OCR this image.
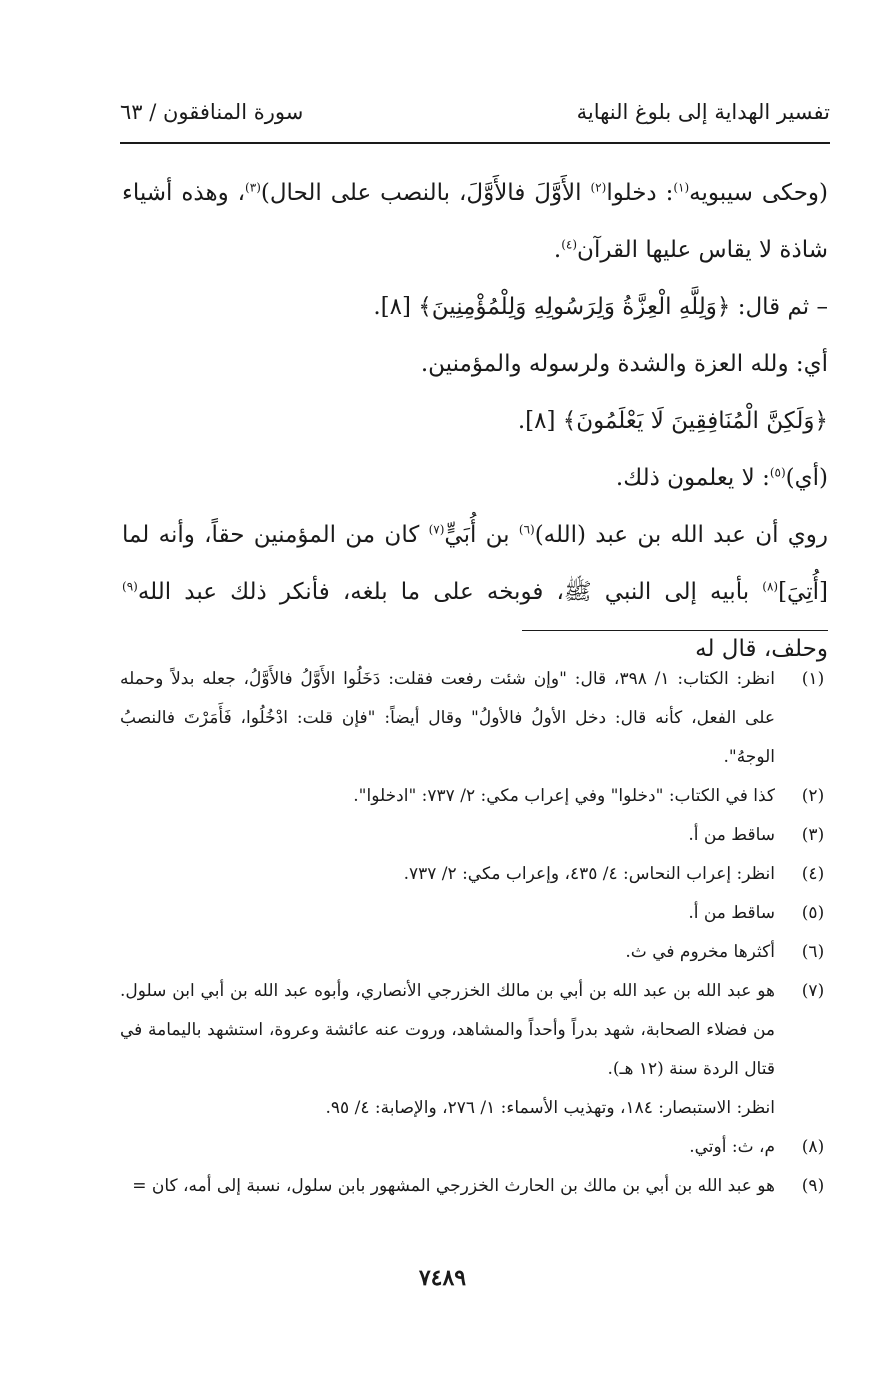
تفسير الهداية إلى بلوغ النهاية
سورة المنافقون / ٦٣

(وحكى سيبويه$^{(١)}$: دخلوا$^{(٢)}$ الأَوَّلَ فالأَوَّلَ، بالنصب على الحال)$^{(٣)}$، وهذه أشياء شاذة لا يقاس عليها القرآن$^{(٤)}$.

– ثم قال: ﴿وَلِلَّهِ الْعِزَّةُ وَلِرَسُولِهِ وَلِلْمُؤْمِنِينَ﴾ [٨].

أي: ولله العزة والشدة ولرسوله والمؤمنين.

﴿وَلَكِنَّ الْمُنَافِقِينَ لَا يَعْلَمُونَ﴾ [٨].

(أي)$^{(٥)}$: لا يعلمون ذلك.

روي أن عبد الله بن عبد (الله)$^{(٦)}$ بن أُبَيٍّ$^{(٧)}$ كان من المؤمنين حقاً، وأنه لما [أُتِيَ]$^{(٨)}$ بأبيه إلى النبي ﷺ، فوبخه على ما بلغه، فأنكر ذلك عبد الله$^{(٩)}$ وحلف، قال له

(١)
انظر: الكتاب: ١/ ٣٩٨، قال: "وإن شئت رفعت فقلت: دَخَلُوا الأَوَّلُ فالأَوَّلُ، جعله بدلاً وحمله على الفعل، كأنه قال: دخل الأولُ فالأولُ" وقال أيضاً: "فإن قلت: ادْخُلُوا، فَأَمَرْتَ فالنصبُ الوجهُ".
(٢)
كذا في الكتاب: "دخلوا" وفي إعراب مكي: ٢/ ٧٣٧: "ادخلوا".
(٣)
ساقط من أ.
(٤)
انظر: إعراب النحاس: ٤/ ٤٣٥، وإعراب مكي: ٢/ ٧٣٧.
(٥)
ساقط من أ.
(٦)
أكثرها مخروم في ث.
(٧)
هو عبد الله بن عبد الله بن أبي بن مالك الخزرجي الأنصاري، وأبوه عبد الله بن أبي ابن سلول. من فضلاء الصحابة، شهد بدراً وأحداً والمشاهد، وروت عنه عائشة وعروة، استشهد باليمامة في قتال الردة سنة (١٢ هـ).
انظر: الاستبصار: ١٨٤، وتهذيب الأسماء: ١/ ٢٧٦، والإصابة: ٤/ ٩٥.
(٨)
م، ث: أوتي.
(٩)
هو عبد الله بن أبي بن مالك بن الحارث الخزرجي المشهور بابن سلول، نسبة إلى أمه، كان =
٧٤٨٩
